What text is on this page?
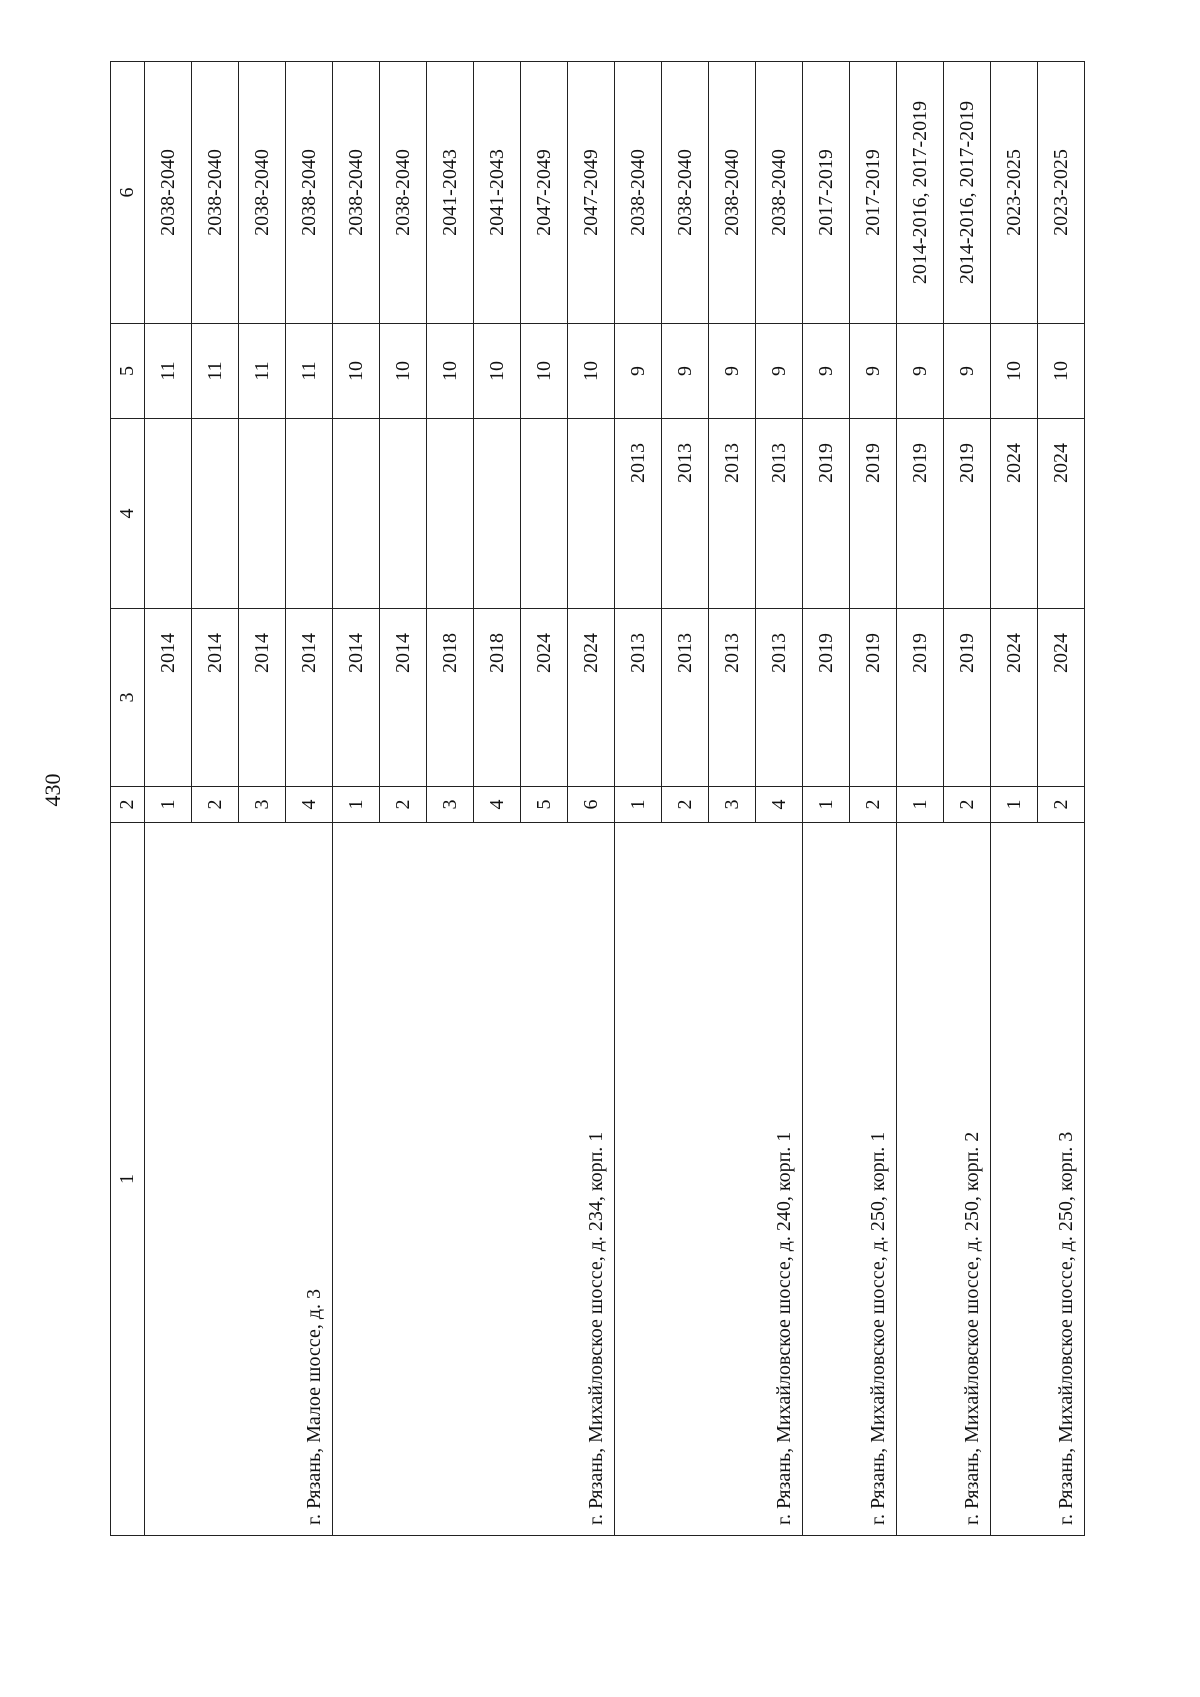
430
1	2	3	4	5	6
г. Рязань, Малое шоссе, д. 3	1	2014		11	2038-2040
	2	2014		11	2038-2040
	3	2014		11	2038-2040
	4	2014		11	2038-2040
г. Рязань, Михайловское шоссе, д. 234, корп. 1	1	2014		10	2038-2040
	2	2014		10	2038-2040
	3	2018		10	2041-2043
	4	2018		10	2041-2043
	5	2024		10	2047-2049
	6	2024		10	2047-2049
г. Рязань, Михайловское шоссе, д. 240, корп. 1	1	2013	2013	9	2038-2040
	2	2013	2013	9	2038-2040
	3	2013	2013	9	2038-2040
	4	2013	2013	9	2038-2040
г. Рязань, Михайловское шоссе, д. 250, корп. 1	1	2019	2019	9	2017-2019
	2	2019	2019	9	2017-2019
г. Рязань, Михайловское шоссе, д. 250, корп. 2	1	2019	2019	9	2014-2016, 2017-2019
	2	2019	2019	9	2014-2016, 2017-2019
г. Рязань, Михайловское шоссе, д. 250, корп. 3	1	2024	2024	10	2023-2025
	2	2024	2024	10	2023-2025
